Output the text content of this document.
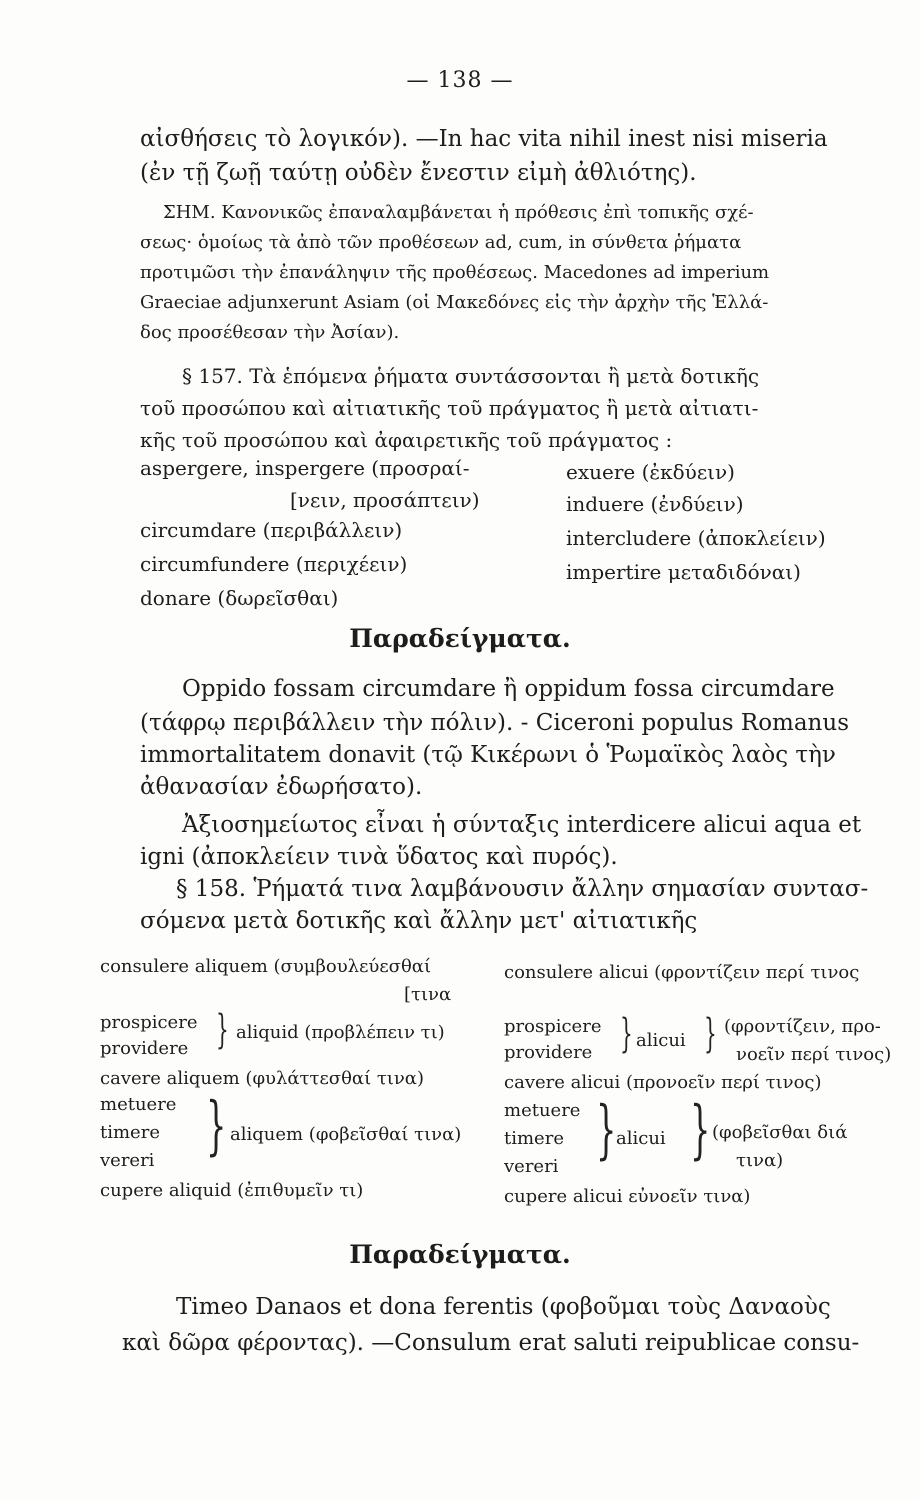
— 138 —
αἰσθήσεις τὸ λογικόν). —In hac vita nihil inest nisi miseria
(ἐν τῇ ζωῇ ταύτῃ οὐδὲν ἔνεστιν εἰμὴ ἀθλιότης).
ΣΗΜ. Κανονικῶς ἐπαναλαμβάνεται ἡ πρόθεσις ἐπὶ τοπικῆς σχέ-
σεως· ὁμοίως τὰ ἀπὸ τῶν προθέσεων ad, cum, in σύνθετα ῥήματα
προτιμῶσι τὴν ἐπανάληψιν τῆς προθέσεως. Macedones ad imperium
Graeciae adjunxerunt Asiam (οἱ Μακεδόνες εἰς τὴν ἀρχὴν τῆς Ἑλλά-
δος προσέθεσαν τὴν Ἀσίαν).
§ 157. Τὰ ἑπόμενα ῥήματα συντάσσονται ἢ μετὰ δοτικῆς
τοῦ προσώπου καὶ αἰτιατικῆς τοῦ πράγματος ἢ μετὰ αἰτιατι-
κῆς τοῦ προσώπου καὶ ἀφαιρετικῆς τοῦ πράγματος :
aspergere, inspergere (προσραί-
[νειν, προσάπτειν)
circumdare (περιβάλλειν)
circumfundere (περιχέειν)
donare (δωρεῖσθαι)
exuere (ἐκδύειν)
induere (ἐνδύειν)
intercludere (ἀποκλείειν)
impertire μεταδιδόναι)
Παραδείγματα.
Oppido fossam circumdare ἢ oppidum fossa circumdare
(τάφρῳ περιβάλλειν τὴν πόλιν). - Ciceroni populus Romanus
immortalitatem donavit (τῷ Κικέρωνι ὁ Ῥωμαϊκὸς λαὸς τὴν
ἀθανασίαν ἐδωρήσατο).
Ἀξιοσημείωτος εἶναι ἡ σύνταξις interdicere alicui aqua et
igni (ἀποκλείειν τινὰ ὕδατος καὶ πυρός).
§ 158. Ῥήματά τινα λαμβάνουσιν ἄλλην σημασίαν συντασ-
σόμενα μετὰ δοτικῆς καὶ ἄλλην μετ' αἰτιατικῆς
consulere aliquem (συμβουλεύεσθαί
[τινα
prospicere
providere } aliquid (προβλέπειν τι)
cavere aliquem (φυλάττεσθαί τινα)
metuere
timere
vereri } aliquem (φοβεῖσθαί τινα)
cupere aliquid (ἐπιθυμεῖν τι)
consulere alicui (φροντίζειν περί τινος
prospicere
providere } alicui } (φροντίζειν, προ-
νοεῖν περί τινος)
cavere alicui (προνοεῖν περί τινος)
metuere
timere
vereri } alicui } (φοβεῖσθαι διά
τινα)
cupere alicui εὐνοεῖν τινα)
Παραδείγματα.
Timeo Danaos et dona ferentis (φοβοῦμαι τοὺς Δαναοὺς
καὶ δῶρα φέροντας). —Consulum erat saluti reipublicae consu-
